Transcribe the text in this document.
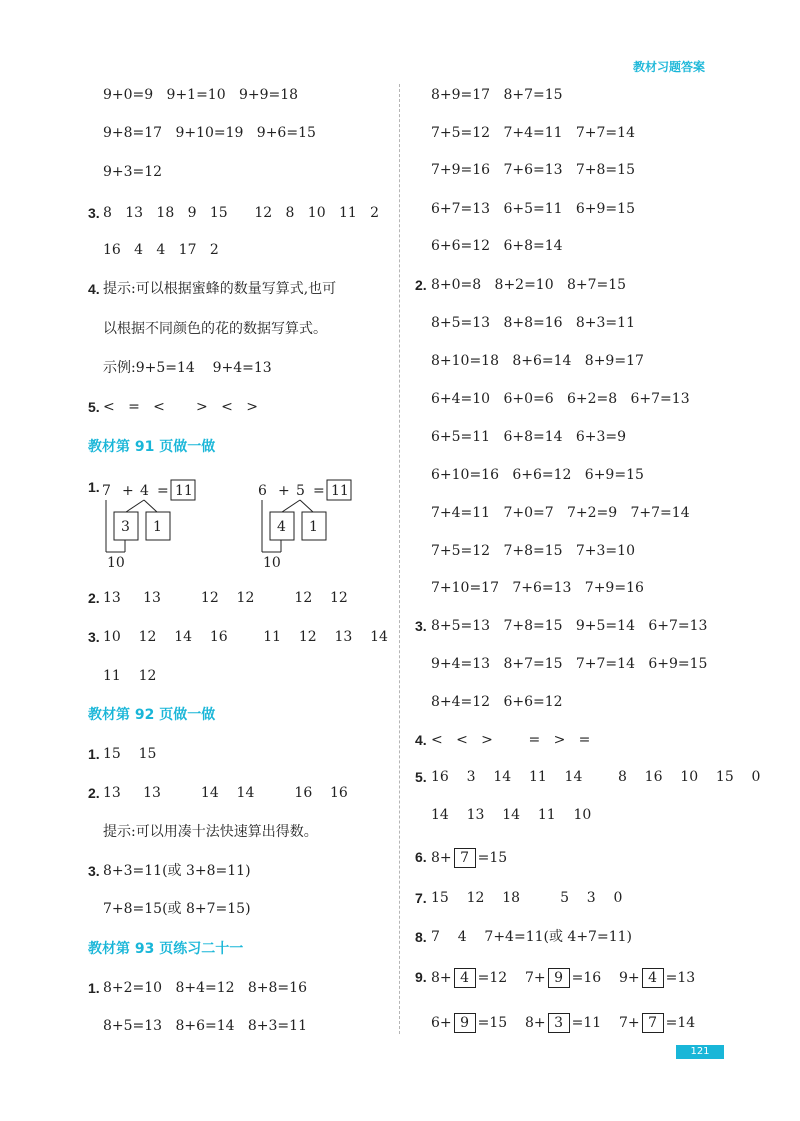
教材习题答案
9+0=9   9+1=10   9+9=18
9+8=17   9+10=19   9+6=15
9+3=12
3. 8   13   18   9   15      12   8   10   11   2
16   4   4   17   2
4. 提示:可以根据蜜蜂的数量写算式,也可
以根据不同颜色的花的数据写算式。
示例:9+5=14    9+4=13
5. <   =   <       >   <   >
教材第 91 页做一做
1. 7 + 4 = 11
3 1
10
6 + 5 = 11
4 1
10
2. 13     13         12    12         12    12
3. 10    12    14    16        11    12    13    14
11    12
教材第 92 页做一做
1. 15    15
2. 13     13         14    14         16    16
提示:可以用凑十法快速算出得数。
3. 8+3=11(或 3+8=11)
7+8=15(或 8+7=15)
教材第 93 页练习二十一
1. 8+2=10   8+4=12   8+8=16
8+5=13   8+6=14   8+3=11
8+9=17   8+7=15
7+5=12   7+4=11   7+7=14
7+9=16   7+6=13   7+8=15
6+7=13   6+5=11   6+9=15
6+6=12   6+8=14
2. 8+0=8   8+2=10   8+7=15
8+5=13   8+8=16   8+3=11
8+10=18   8+6=14   8+9=17
6+4=10   6+0=6   6+2=8   6+7=13
6+5=11   6+8=14   6+3=9
6+10=16   6+6=12   6+9=15
7+4=11   7+0=7   7+2=9   7+7=14
7+5=12   7+8=15   7+3=10
7+10=17   7+6=13   7+9=16
3. 8+5=13   7+8=15   9+5=14   6+7=13
9+4=13   8+7=15   7+7=14   6+9=15
8+4=12   6+6=12
4. <   <   >        =   >   =
5. 16    3    14    11    14        8    16    10    15    0
14    13    14    11    10
6. 8+ 7 =15
7. 15    12    18         5    3    0
8. 7    4    7+4=11(或 4+7=11)
9. 8+ 4 =12 7+ 9 =16 9+ 4 =13
6+ 9 =15 8+ 3 =11 7+ 7 =14
121
